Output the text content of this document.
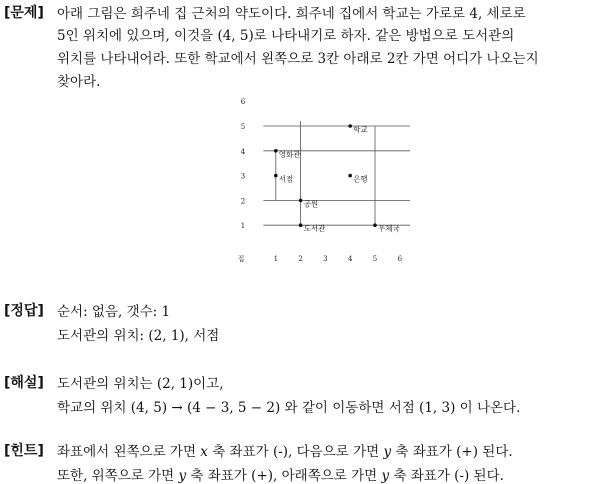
[문제] 아래 그림은 희주네 집 근처의 약도이다. 희주네 집에서 학교는 가로로 4, 세로로
5인 위치에 있으며, 이것을 (4, 5)로 나타내기로 하자. 같은 방법으로 도서관의
위치를 나타내어라. 또한 학교에서 왼쪽으로 3칸 아래로 2칸 가면 어디가 나오는지
찾아라.
1
2
3
4
5
6
집	1	2	3	4	5	6
학교
영화관
서점	은행
공원
도서관	우체국
[정답] 순서: 없음, 갯수: 1
도서관의 위치: (2, 1), 서점
[해설] 도서관의 위치는 (2, 1)이고,
학교의 위치 (4, 5) → (4 − 3, 5 − 2) 와 같이 이동하면 서점 (1, 3) 이 나온다.
[힌트] 좌표에서 왼쪽으로 가면 x 축 좌표가 (-), 다음으로 가면 y 축 좌표가 (+) 된다.
또한, 위쪽으로 가면 y 축 좌표가 (+), 아래쪽으로 가면 y 축 좌표가 (-) 된다.
